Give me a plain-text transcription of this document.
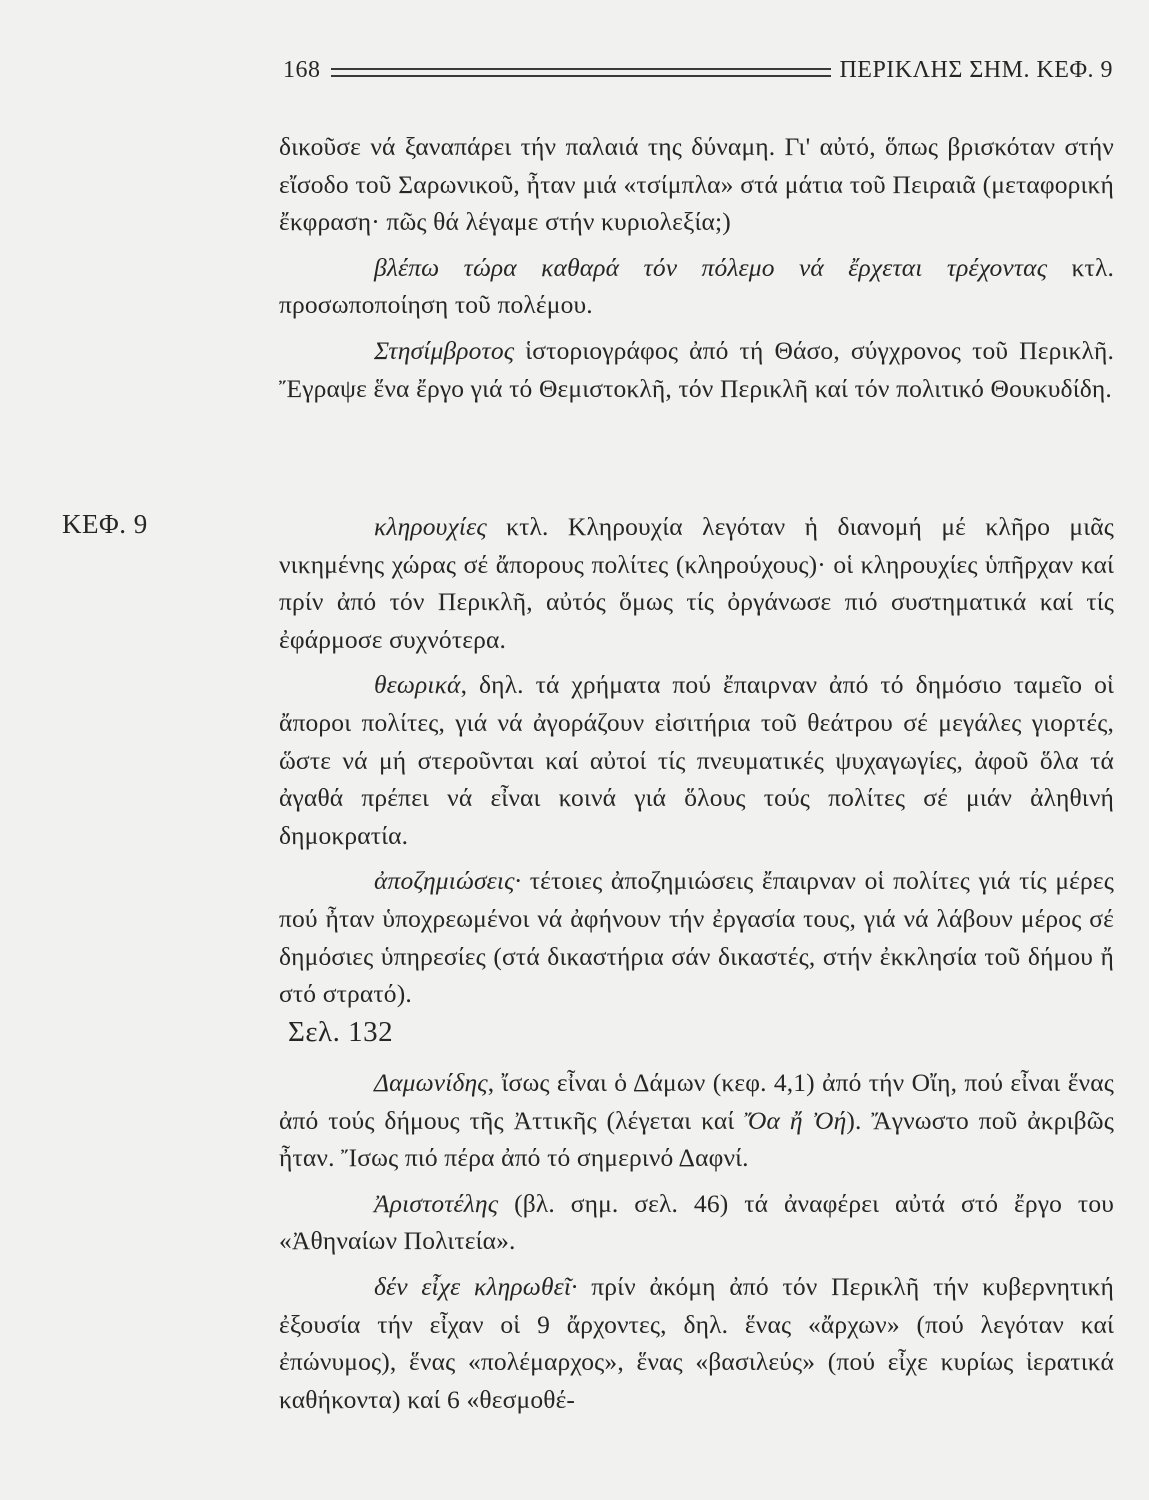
168	ΠΕΡΙΚΛΗΣ ΣΗΜ. ΚΕΦ. 9
ΚΕΦ. 9

δικοῦσε νά ξαναπάρει τήν παλαιά της δύναμη. Γι' αὐτό, ὅπως βρισκόταν στήν εἴσοδο τοῦ Σαρωνικοῦ, ἦταν μιά «τσίμπλα» στά μάτια τοῦ Πειραιᾶ (μεταφορική ἔκφραση· πῶς θά λέγαμε στήν κυριολεξία;)

βλέπω τώρα καθαρά τόν πόλεμο νά ἔρχεται τρέχοντας κτλ. προσωποποίηση τοῦ πολέμου.

Στησίμβροτος ἱστοριογράφος ἀπό τή Θάσο, σύγχρονος τοῦ Περικλῆ. Ἔγραψε ἕνα ἔργο γιά τό Θεμιστοκλῆ, τόν Περικλῆ καί τόν πολιτικό Θουκυδίδη.

κληρουχίες κτλ. Κληρουχία λεγόταν ἡ διανομή μέ κλῆρο μιᾶς νικημένης χώρας σέ ἄπορους πολίτες (κληρούχους)· οἱ κληρουχίες ὑπῆρχαν καί πρίν ἀπό τόν Περικλῆ, αὐτός ὅμως τίς ὀργάνωσε πιό συστηματικά καί τίς ἐφάρμοσε συχνότερα.

θεωρικά, δηλ. τά χρήματα πού ἔπαιρναν ἀπό τό δημόσιο ταμεῖο οἱ ἄποροι πολίτες, γιά νά ἀγοράζουν εἰσιτήρια τοῦ θεάτρου σέ μεγάλες γιορτές, ὥστε νά μή στεροῦνται καί αὐτοί τίς πνευματικές ψυχαγωγίες, ἀφοῦ ὅλα τά ἀγαθά πρέπει νά εἶναι κοινά γιά ὅλους τούς πολίτες σέ μιάν ἀληθινή δημοκρατία.

ἀποζημιώσεις· τέτοιες ἀποζημιώσεις ἔπαιρναν οἱ πολίτες γιά τίς μέρες πού ἦταν ὑποχρεωμένοι νά ἀφήνουν τήν ἐργασία τους, γιά νά λάβουν μέρος σέ δημόσιες ὑπηρεσίες (στά δικαστήρια σάν δικαστές, στήν ἐκκλησία τοῦ δήμου ἤ στό στρατό).

Σελ. 132

Δαμωνίδης, ἴσως εἶναι ὁ Δάμων (κεφ. 4,1) ἀπό τήν Οἴη, πού εἶναι ἕνας ἀπό τούς δήμους τῆς Ἀττικῆς (λέγεται καί Ὄα ἤ Ὀή). Ἄγνωστο ποῦ ἀκριβῶς ἦταν. Ἴσως πιό πέρα ἀπό τό σημερινό Δαφνί.

Ἀριστοτέλης (βλ. σημ. σελ. 46) τά ἀναφέρει αὐτά στό ἔργο του «Ἀθηναίων Πολιτεία».

δέν εἶχε κληρωθεῖ· πρίν ἀκόμη ἀπό τόν Περικλῆ τήν κυβερνητική ἐξουσία τήν εἶχαν οἱ 9 ἄρχοντες, δηλ. ἕνας «ἄρχων» (πού λεγόταν καί ἐπώνυμος), ἕνας «πολέμαρχος», ἕνας «βασιλεύς» (πού εἶχε κυρίως ἱερατικά καθήκοντα) καί 6 «θεσμοθέ-
